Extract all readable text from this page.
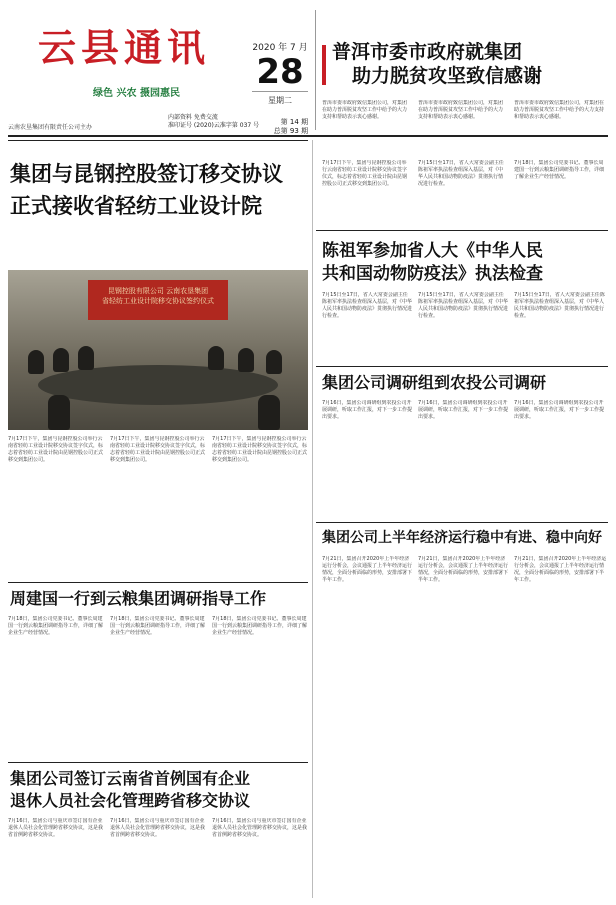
云县通讯
绿色 兴农 摄园惠民
云南农垦集团有限责任公司主办
内部资料 免费交流
准印证号 (2020)云准字第 037 号
2020 年 7 月
28
星期二
第 14 期
总第 93 期
普洱市委市政府就集团
助力脱贫攻坚致信感谢
普洱市委市政府致信集团公司，对集团在助力普洱脱贫攻坚工作中给予的大力支持和帮助表示衷心感谢。
普洱市委市政府致信集团公司，对集团在助力普洱脱贫攻坚工作中给予的大力支持和帮助表示衷心感谢。
普洱市委市政府致信集团公司，对集团在助力普洱脱贫攻坚工作中给予的大力支持和帮助表示衷心感谢。
7月17日下午，集团与昆钢控股公司举行云南省轻纺工业设计院移交协议签字仪式，标志着省轻纺工业设计院由昆钢控股公司正式移交到集团公司。
7月15日至17日，省人大常委会副主任陈祖军率执法检查组深入基层，对《中华人民共和国动物防疫法》贯彻执行情况进行检查。
7月18日，集团公司党委书记、董事长周建国一行到云粮集团调研指导工作，详细了解企业生产经营情况。
集团与昆钢控股签订移交协议
正式接收省轻纺工业设计院
昆钢控股有限公司 云南农垦集团
省轻纺工业设计院移交协议签约仪式
7月17日下午，集团与昆钢控股公司举行云南省轻纺工业设计院移交协议签字仪式，标志着省轻纺工业设计院由昆钢控股公司正式移交到集团公司。
7月17日下午，集团与昆钢控股公司举行云南省轻纺工业设计院移交协议签字仪式，标志着省轻纺工业设计院由昆钢控股公司正式移交到集团公司。
7月17日下午，集团与昆钢控股公司举行云南省轻纺工业设计院移交协议签字仪式，标志着省轻纺工业设计院由昆钢控股公司正式移交到集团公司。
陈祖军参加省人大《中华人民
共和国动物防疫法》执法检查
7月15日至17日，省人大常委会副主任陈祖军率执法检查组深入基层，对《中华人民共和国动物防疫法》贯彻执行情况进行检查。
7月15日至17日，省人大常委会副主任陈祖军率执法检查组深入基层，对《中华人民共和国动物防疫法》贯彻执行情况进行检查。
7月15日至17日，省人大常委会副主任陈祖军率执法检查组深入基层，对《中华人民共和国动物防疫法》贯彻执行情况进行检查。
集团公司调研组到农投公司调研
7月16日，集团公司调研组到农投公司开展调研，听取工作汇报，对下一步工作提出要求。
7月16日，集团公司调研组到农投公司开展调研，听取工作汇报，对下一步工作提出要求。
7月16日，集团公司调研组到农投公司开展调研，听取工作汇报，对下一步工作提出要求。
周建国一行到云粮集团调研指导工作
7月18日，集团公司党委书记、董事长周建国一行到云粮集团调研指导工作，详细了解企业生产经营情况。
7月18日，集团公司党委书记、董事长周建国一行到云粮集团调研指导工作，详细了解企业生产经营情况。
7月18日，集团公司党委书记、董事长周建国一行到云粮集团调研指导工作，详细了解企业生产经营情况。
集团公司上半年经济运行稳中有进、稳中向好
7月21日，集团召开2020年上半年经济运行分析会，会议通报了上半年经济运行情况，全面分析面临的形势，安排部署下半年工作。
7月21日，集团召开2020年上半年经济运行分析会，会议通报了上半年经济运行情况，全面分析面临的形势，安排部署下半年工作。
7月21日，集团召开2020年上半年经济运行分析会，会议通报了上半年经济运行情况，全面分析面临的形势，安排部署下半年工作。
集团公司签订云南省首例国有企业
退休人员社会化管理跨省移交协议
7月16日，集团公司与重庆市签订国有企业退休人员社会化管理跨省移交协议，这是我省首例跨省移交协议。
7月16日，集团公司与重庆市签订国有企业退休人员社会化管理跨省移交协议，这是我省首例跨省移交协议。
7月16日，集团公司与重庆市签订国有企业退休人员社会化管理跨省移交协议，这是我省首例跨省移交协议。
